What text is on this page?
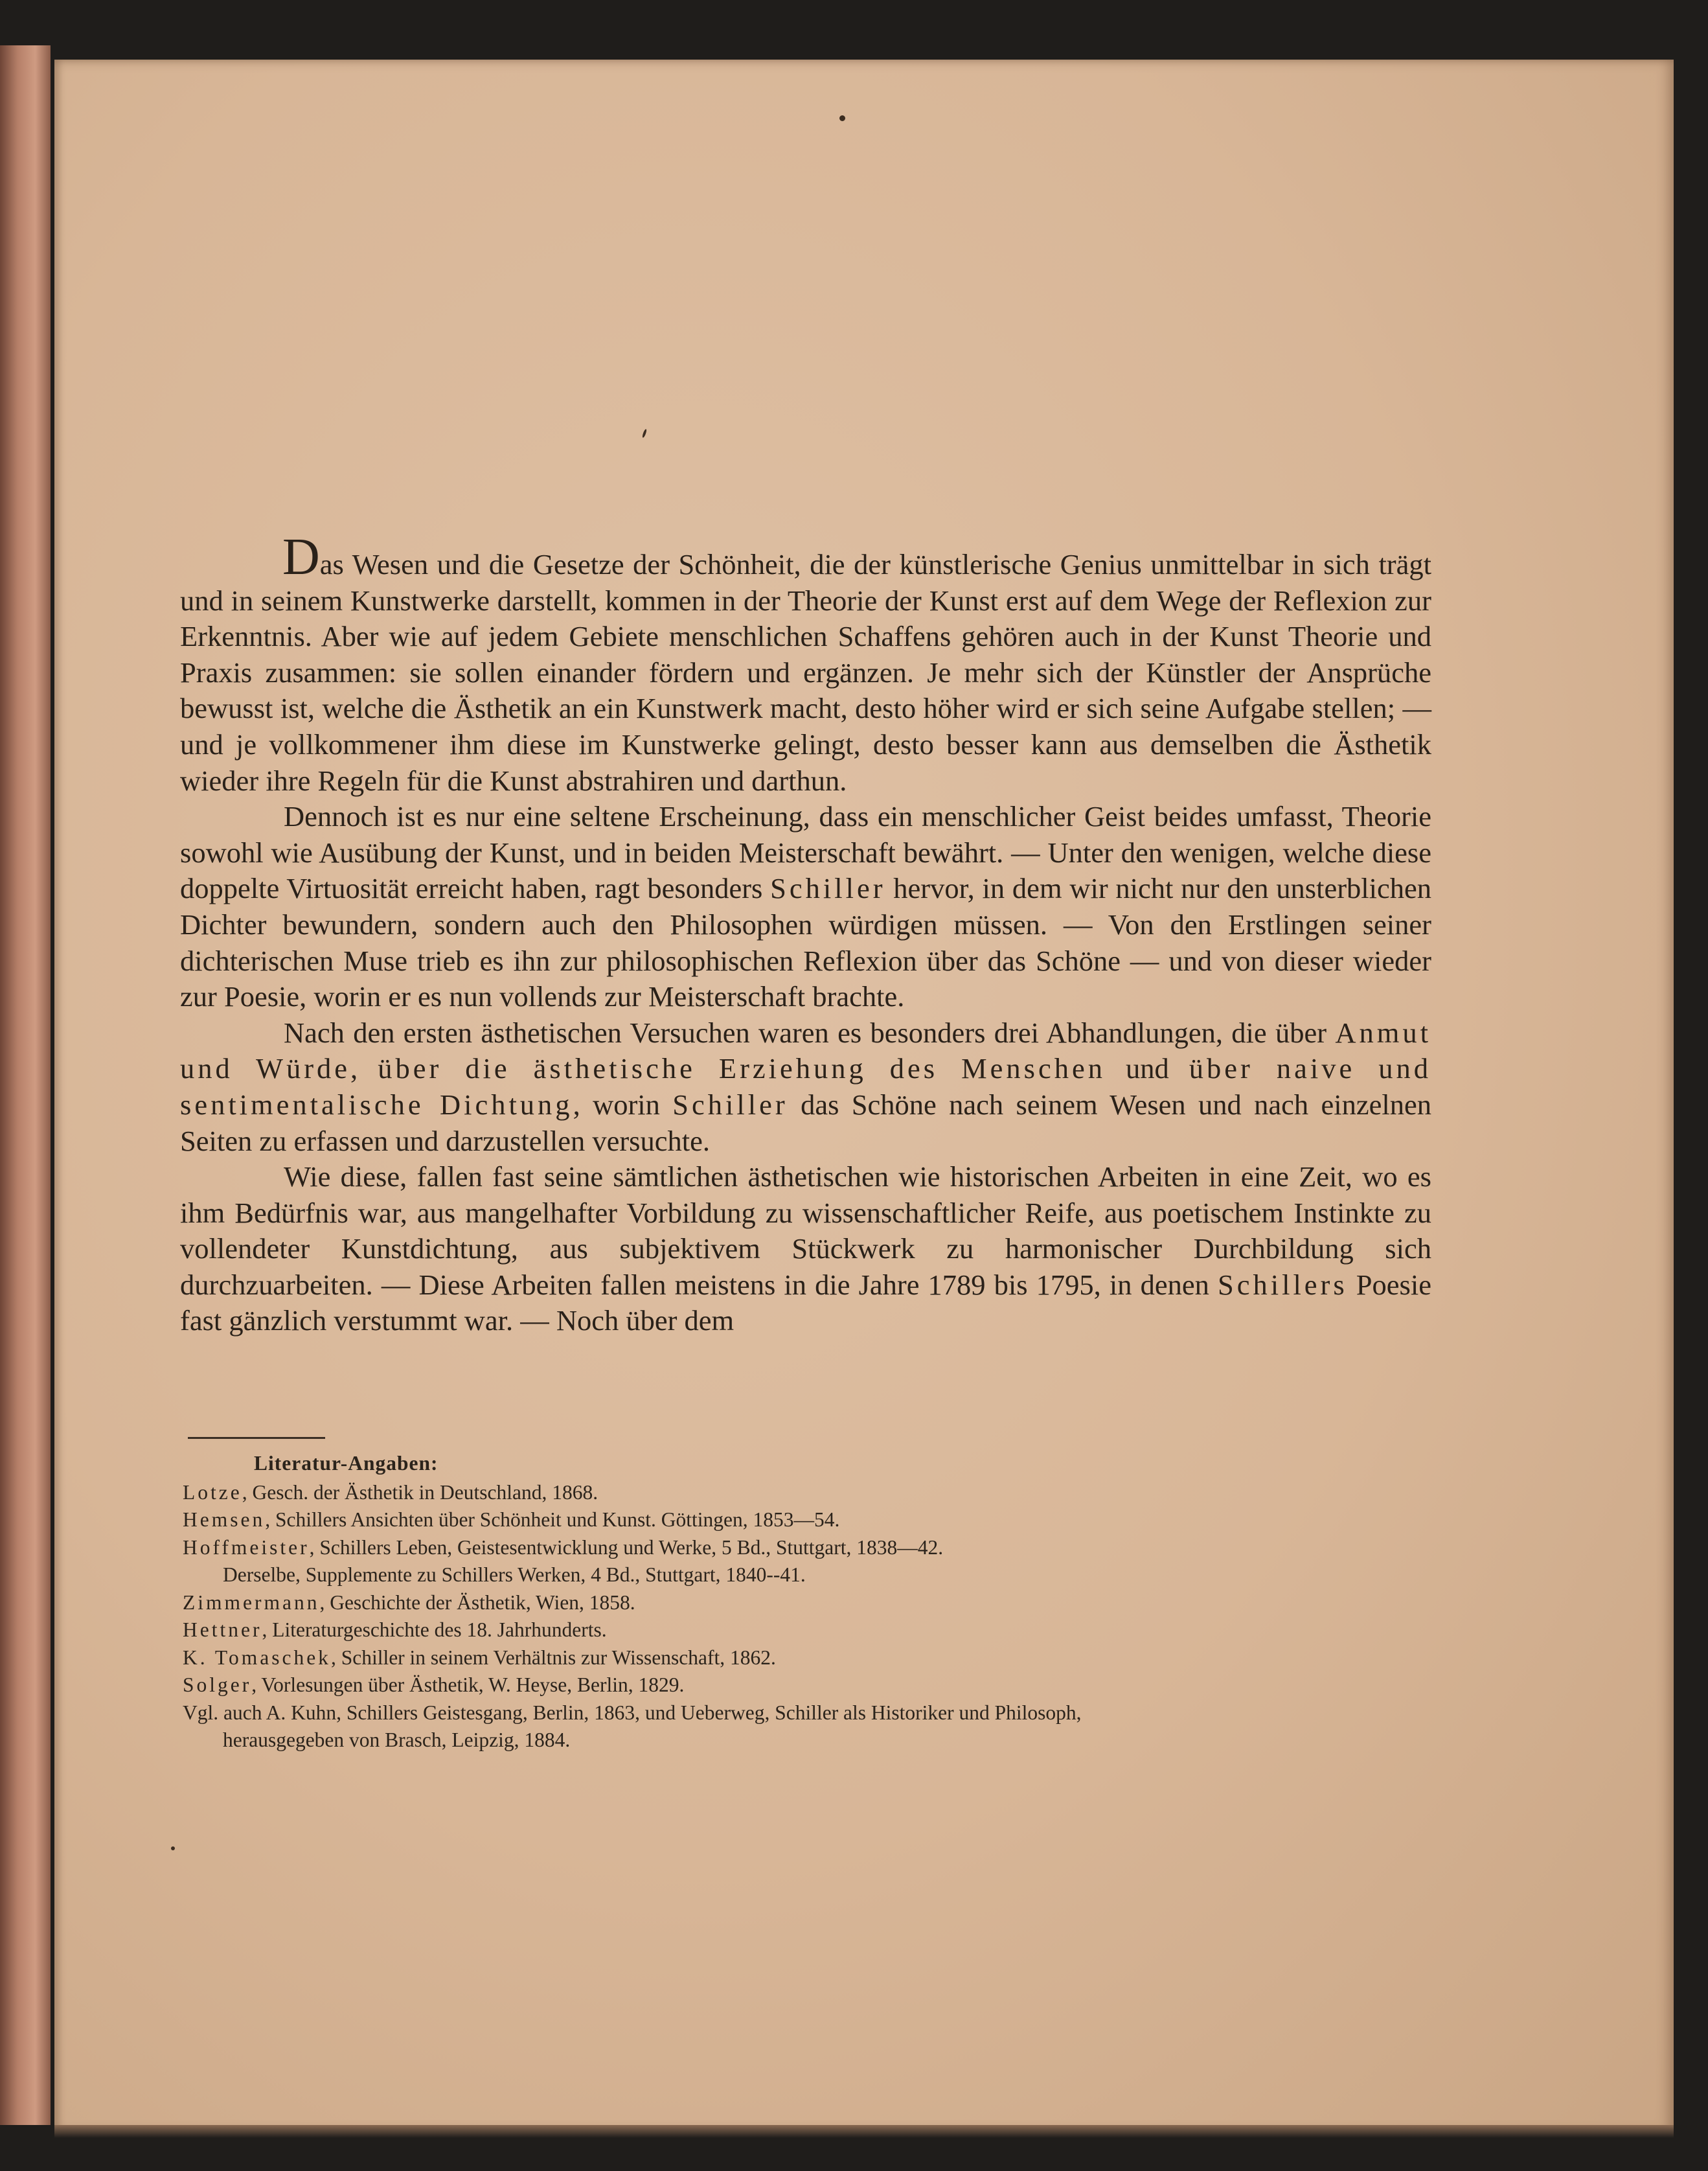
Das Wesen und die Gesetze der Schönheit, die der künstlerische Genius unmittelbar in sich trägt und in seinem Kunstwerke darstellt, kommen in der Theorie der Kunst erst auf dem Wege der Reflexion zur Erkenntnis. Aber wie auf jedem Gebiete menschlichen Schaffens gehören auch in der Kunst Theorie und Praxis zusammen: sie sollen einander fördern und ergänzen. Je mehr sich der Künstler der Ansprüche bewusst ist, welche die Ästhetik an ein Kunstwerk macht, desto höher wird er sich seine Aufgabe stellen; — und je vollkommener ihm diese im Kunstwerke gelingt, desto besser kann aus demselben die Ästhetik wieder ihre Regeln für die Kunst abstrahiren und darthun.

Dennoch ist es nur eine seltene Erscheinung, dass ein menschlicher Geist beides umfasst, Theorie sowohl wie Ausübung der Kunst, und in beiden Meisterschaft bewährt. — Unter den wenigen, welche diese doppelte Virtuosität erreicht haben, ragt besonders Schiller hervor, in dem wir nicht nur den unsterblichen Dichter bewundern, sondern auch den Philosophen würdigen müssen. — Von den Erstlingen seiner dichterischen Muse trieb es ihn zur philosophischen Reflexion über das Schöne — und von dieser wieder zur Poesie, worin er es nun vollends zur Meisterschaft brachte.

Nach den ersten ästhetischen Versuchen waren es besonders drei Abhandlungen, die über Anmut und Würde, über die ästhetische Erziehung des Menschen und über naive und sentimentalische Dichtung, worin Schiller das Schöne nach seinem Wesen und nach einzelnen Seiten zu erfassen und darzustellen versuchte.

Wie diese, fallen fast seine sämtlichen ästhetischen wie historischen Arbeiten in eine Zeit, wo es ihm Bedürfnis war, aus mangelhafter Vorbildung zu wissenschaftlicher Reife, aus poetischem Instinkte zu vollendeter Kunstdichtung, aus subjektivem Stückwerk zu harmonischer Durchbildung sich durchzuarbeiten. — Diese Arbeiten fallen meistens in die Jahre 1789 bis 1795, in denen Schillers Poesie fast gänzlich verstummt war. — Noch über dem

Literatur-Angaben:

Lotze, Gesch. der Ästhetik in Deutschland, 1868.

Hemsen, Schillers Ansichten über Schönheit und Kunst. Göttingen, 1853—54.

Hoffmeister, Schillers Leben, Geistesentwicklung und Werke, 5 Bd., Stuttgart, 1838—42.

Derselbe, Supplemente zu Schillers Werken, 4 Bd., Stuttgart, 1840--41.

Zimmermann, Geschichte der Ästhetik, Wien, 1858.

Hettner, Literaturgeschichte des 18. Jahrhunderts.

K. Tomaschek, Schiller in seinem Verhältnis zur Wissenschaft, 1862.

Solger, Vorlesungen über Ästhetik, W. Heyse, Berlin, 1829.

Vgl. auch A. Kuhn, Schillers Geistesgang, Berlin, 1863, und Ueberweg, Schiller als Historiker und Philosoph,

herausgegeben von Brasch, Leipzig, 1884.
